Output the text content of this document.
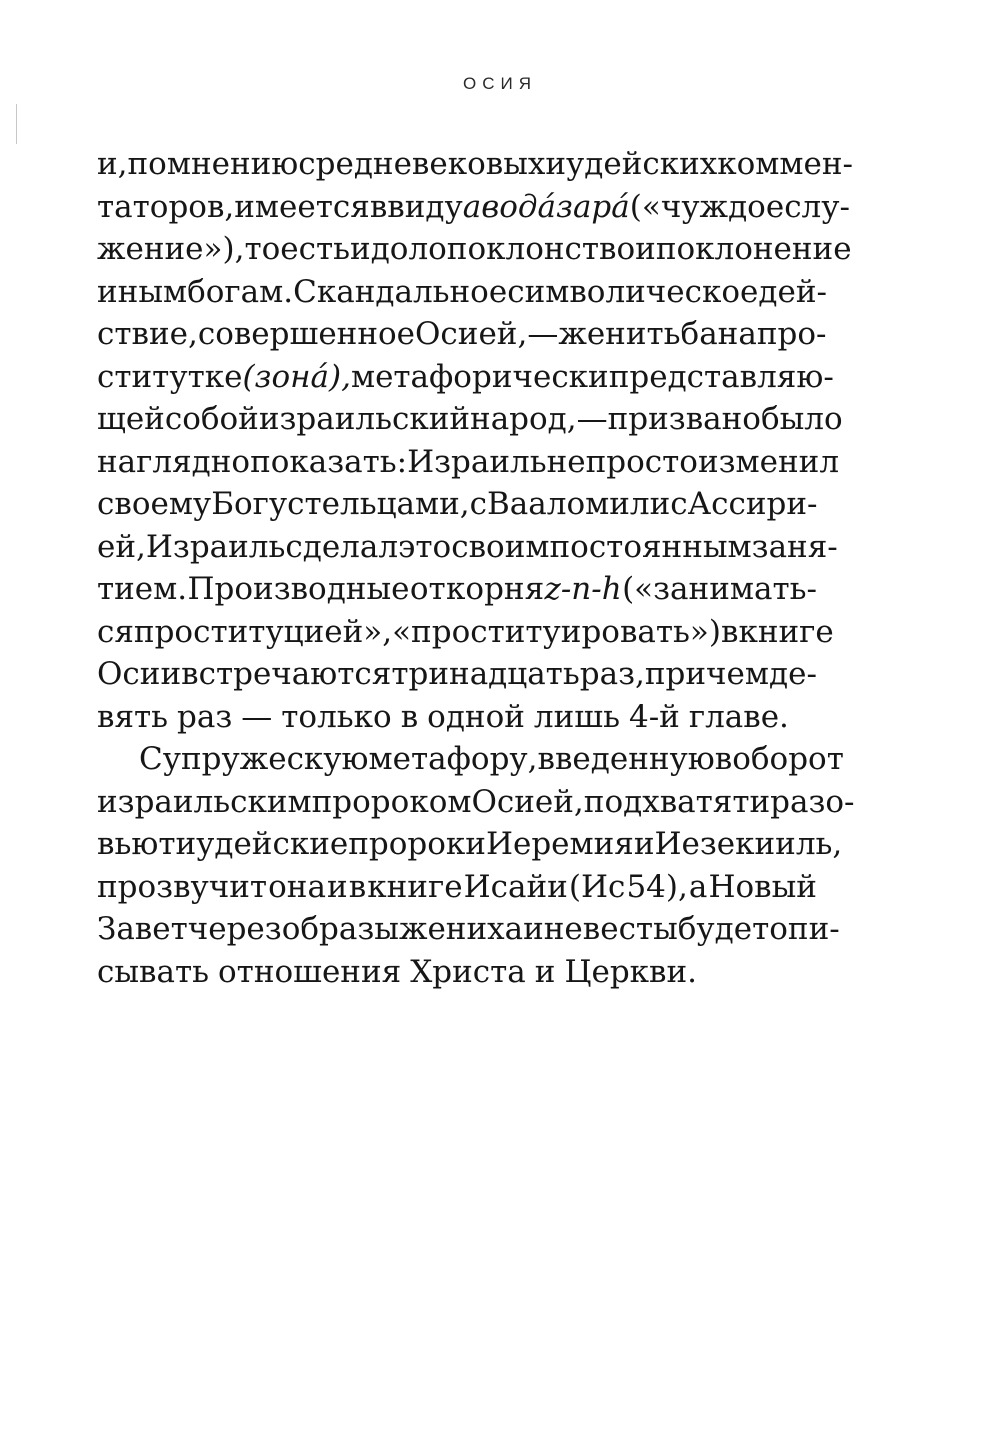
ОСИЯ
и, по мнению средневековых иудейских коммен-
таторов, имеется в виду авода́ зара́ («чуждое слу-
жение»), то есть идолопоклонство и поклонение
иным богам. Скандальное символическое дей-
ствие, совершенное Осией, — женитьба на про-
ститутке (зона́), метафорически представляю-
щей собой израильский народ, — призвано было
наглядно показать: Израиль не просто изменил
своему Богу с тельцами, с Ваалом или с Ассири-
ей, Израиль сделал это своим постоянным заня-
тием. Производные от корня z-n-h («занимать-
ся проституцией», «проституировать») в книге
Осии встречаются тринадцать раз, причем де-
вять раз — только в одной лишь 4-й главе.
Супружескую метафору, введенную в оборот
израильским пророком Осией, подхватят и разо-
вьют иудейские пророки Иеремия и Иезекииль,
прозвучит она и в книге Исайи (Ис 54), а Новый
Завет через образы жениха и невесты будет опи-
сывать отношения Христа и Церкви.
